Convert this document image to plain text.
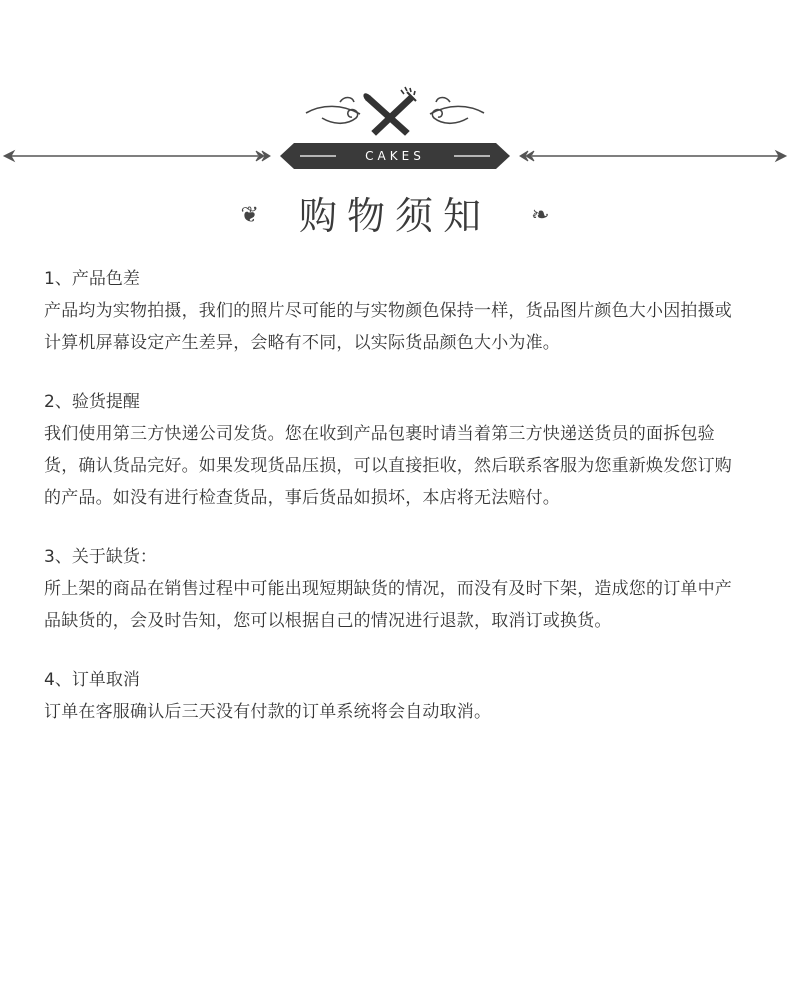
CAKES
❦ 购物须知 ❧
1、产品色差
产品均为实物拍摄，我们的照片尽可能的与实物颜色保持一样，货品图片颜色大小因拍摄或计算机屏幕设定产生差异，会略有不同，以实际货品颜色大小为准。
2、验货提醒
我们使用第三方快递公司发货。您在收到产品包裹时请当着第三方快递送货员的面拆包验货，确认货品完好。如果发现货品压损，可以直接拒收，然后联系客服为您重新焕发您订购的产品。如没有进行检查货品，事后货品如损坏，本店将无法赔付。
3、关于缺货：
所上架的商品在销售过程中可能出现短期缺货的情况，而没有及时下架，造成您的订单中产品缺货的，会及时告知，您可以根据自己的情况进行退款，取消订或换货。
4、订单取消
订单在客服确认后三天没有付款的订单系统将会自动取消。
